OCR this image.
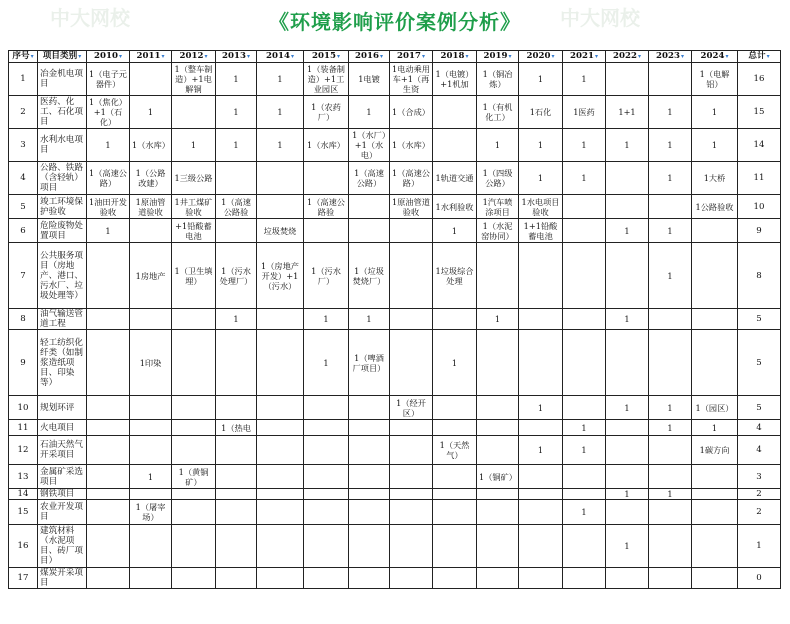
中大网校	中大网校
《环境影响评价案例分析》
序号▾	项目类别▾	2010▾	2011▾	2012▾	2013▾	2014▾	2015▾	2016▾	2017▾	2018▾	2019▾	2020▾	2021▾	2022▾	2023▾	2024▾	总计▾
1	冶金机电项目	1（电子元器件）		1（整车制造）+1电解铜	1	1	1（装备制造）+1工业园区	1电镀	1电动乘用车+1（再生资	1（电镀）+1机加	1（铜冶炼）	1	1			1（电解铝）	16
2	医药、化工、石化项目	1（焦化）+1（石化）	1		1	1	1（农药厂）	1	1（合成）		1（有机化工）	1石化	1医药	1+1	1	1	15
3	水利水电项目	1	1（水库）	1	1	1	1（水库）	1（水厂）+1（水电）	1（水库）		1	1	1	1	1	1	14
4	公路、铁路（含轻轨）项目	1（高速公路）	1（公路改建）	1三级公路				1（高速公路）	1（高速公路）	1轨道交通	1（四级公路）	1	1		1	1大桥	11
5	竣工环境保护验收	1油田开发验收	1原油管道验收	1井工煤矿验收	1（高速公路验		1（高速公路验		1原油管道验收	1水利验收	1汽车喷涂项目	1水电项目验收				1公路验收	10
6	危险废物处置项目	1		+1铅酸蓄电池		垃圾焚烧				1	1（水泥窑协同）	1+1铅酸蓄电池		1	1		9
7	公共服务项目（房地产、港口、污水厂、垃圾处理等）		1房地产	1（卫生填埋）	1（污水处理厂）	1（房地产开发）+1（污水）	1（污水厂）	1（垃圾焚烧厂）		1垃圾综合处理					1		8
8	油气输送管道工程				1		1	1			1			1			5
9	轻工纺织化纤类（如制浆造纸项目、印染等）		1印染				1	1（啤酒厂项目）		1							5
10	规划环评								1（经开区）			1		1	1	1（园区）	5
11	火电项目				1（热电								1		1	1	4
12	石油天然气开采项目									1（天然气）		1	1			1碳方向	4
13	金属矿采选项目		1	1（黄铜矿）							1（铜矿）						3
14	钢铁项目													1	1		2
15	农业开发项目		1（屠宰场）										1				2
16	建筑材料（水泥项目、砖厂项目）													1			1
17	煤炭开采项目																0
